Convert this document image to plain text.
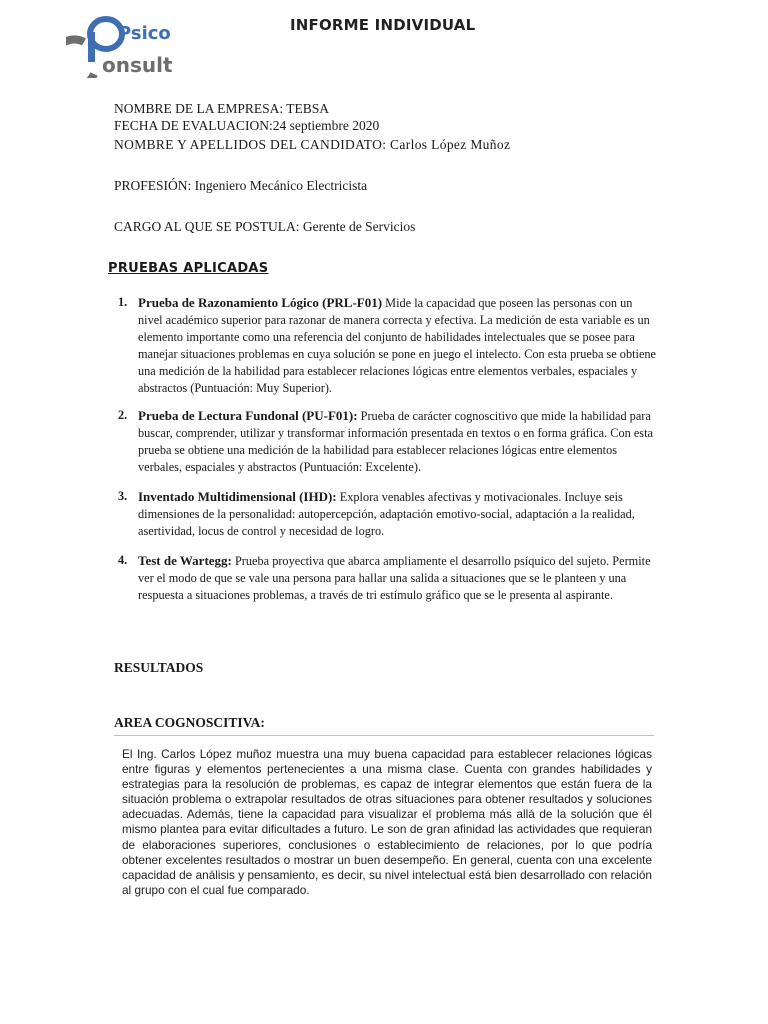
Psico
onsult
INFORME INDIVIDUAL
NOMBRE DE LA EMPRESA: TEBSA
FECHA DE EVALUACION:24 septiembre 2020
NOMBRE Y APELLIDOS DEL CANDIDATO: Carlos López Muñoz
PROFESIÓN: Ingeniero Mecánico Electricista
CARGO AL QUE SE POSTULA: Gerente de Servicios
PRUEBAS APLICADAS
1. Prueba de Razonamiento Lógico (PRL-F01) Mide la capacidad que poseen las personas con un nivel académico superior para razonar de manera correcta y efectiva. La medición de esta variable es un elemento importante como una referencia del conjunto de habilidades intelectuales que se posee para manejar situaciones problemas en cuya solución se pone en juego el intelecto. Con esta prueba se obtiene una medición de la habilidad para establecer relaciones lógicas entre elementos verbales, espaciales y abstractos (Puntuación: Muy Superior).

2. Prueba de Lectura Fundonal (PU-F01): Prueba de carácter cognoscitivo que mide la habilidad para buscar, comprender, utilizar y transformar información presentada en textos o en forma gráfica. Con esta prueba se obtiene una medición de la habilidad para establecer relaciones lógicas entre elementos verbales, espaciales y abstractos (Puntuación: Excelente).

3. Inventado Multidimensional (IHD): Explora venables afectivas y motivacionales. Incluye seis dimensiones de la personalidad: autopercepción, adaptación emotivo-social, adaptación a la realidad, asertividad, locus de control y necesidad de logro.

4. Test de Wartegg: Prueba proyectiva que abarca ampliamente el desarrollo psíquico del sujeto. Permite ver el modo de que se vale una persona para hallar una salida a situaciones que se le planteen y una respuesta a situaciones problemas, a través de tri estímulo gráfico que se le presenta al aspirante.

RESULTADOS
AREA COGNOSCITIVA:
El Ing. Carlos López muñoz muestra una muy buena capacidad para establecer relaciones lógicas entre figuras y elementos pertenecientes a una misma clase. Cuenta con grandes habilidades y estrategias para la resolución de problemas, es capaz de integrar elementos que están fuera de la situación problema o extrapolar resultados de otras situaciones para obtener resultados y soluciones adecuadas. Además, tiene la capacidad para visualizar el problema más allá de la solución que él mismo plantea para evitar dificultades a futuro. Le son de gran afinidad las actividades que requieran de elaboraciones superiores, conclusiones o establecimiento de relaciones, por lo que podría obtener excelentes resultados o mostrar un buen desempeño. En general, cuenta con una excelente capacidad de análisis y pensamiento, es decir, su nivel intelectual está bien desarrollado con relación al grupo con el cual fue comparado.
